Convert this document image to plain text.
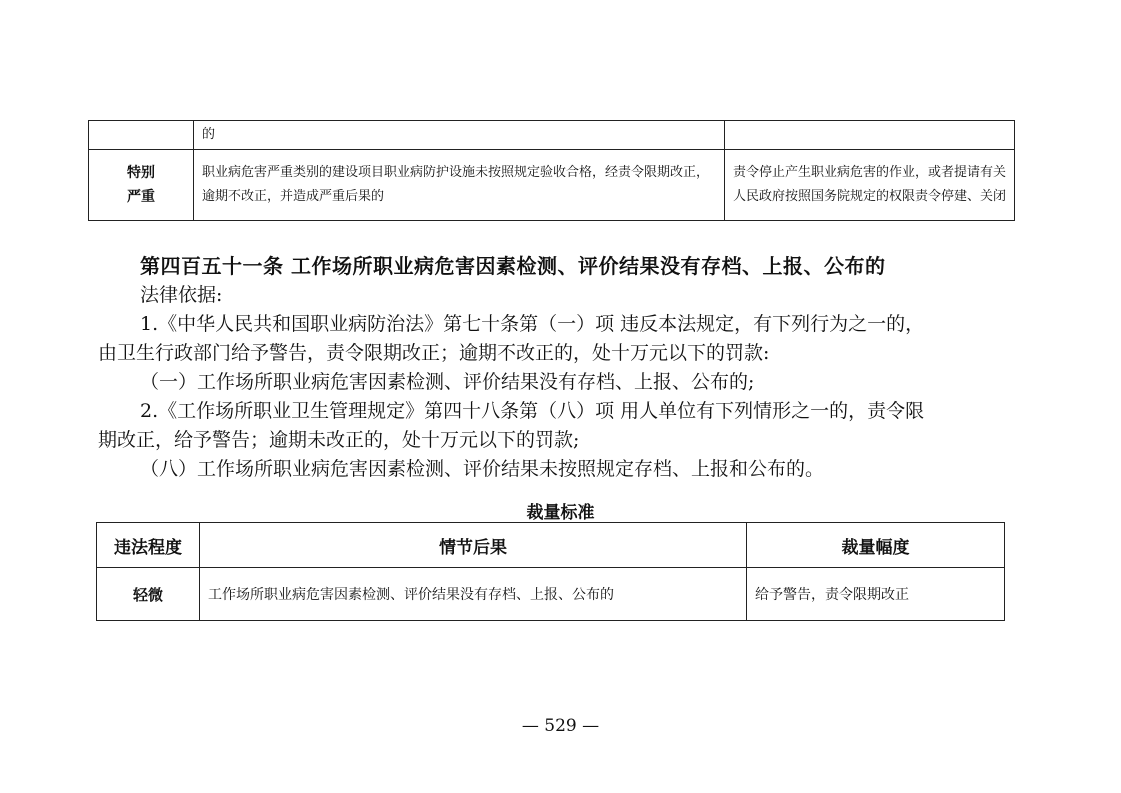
	的	

特别
严重	职业病危害严重类别的建设项目职业病防护设施未按照规定验收合格，经责令限期改正，逾期不改正，并造成严重后果的	责令停止产生职业病危害的作业，或者提请有关人民政府按照国务院规定的权限责令停建、关闭
第四百五十一条 工作场所职业病危害因素检测、评价结果没有存档、上报、公布的
法律依据:
1.《中华人民共和国职业病防治法》第七十条第（一）项 违反本法规定，有下列行为之一的，
由卫生行政部门给予警告，责令限期改正；逾期不改正的，处十万元以下的罚款:
（一）工作场所职业病危害因素检测、评价结果没有存档、上报、公布的;
2.《工作场所职业卫生管理规定》第四十八条第（八）项 用人单位有下列情形之一的，责令限
期改正，给予警告；逾期未改正的，处十万元以下的罚款;
（八）工作场所职业病危害因素检测、评价结果未按照规定存档、上报和公布的。
裁量标准
违法程度	情节后果	裁量幅度
轻微	工作场所职业病危害因素检测、评价结果没有存档、上报、公布的	给予警告，责令限期改正
— 529 —
